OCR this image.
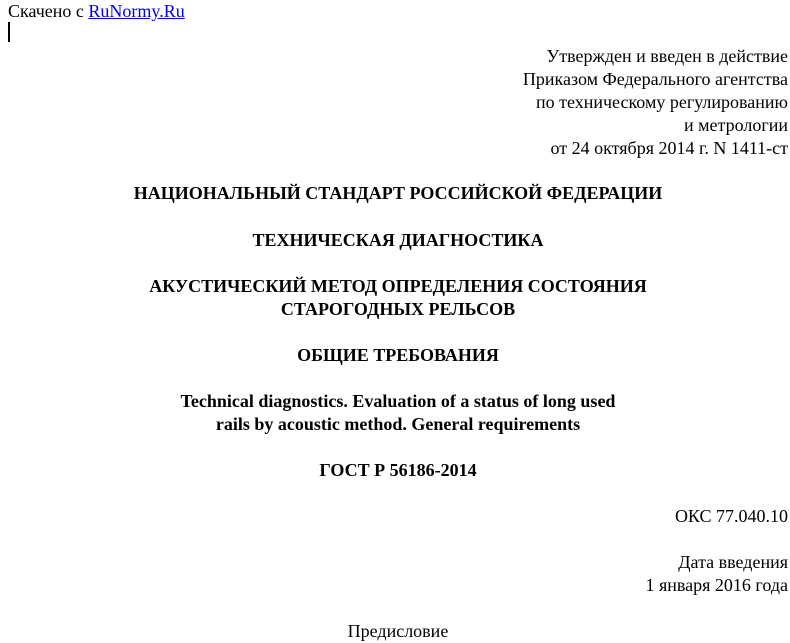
Скачено с RuNormy.Ru
Утвержден и введен в действие
Приказом Федерального агентства
по техническому регулированию
и метрологии
от 24 октября 2014 г. N 1411-ст
НАЦИОНАЛЬНЫЙ СТАНДАРТ РОССИЙСКОЙ ФЕДЕРАЦИИ
ТЕХНИЧЕСКАЯ ДИАГНОСТИКА
АКУСТИЧЕСКИЙ МЕТОД ОПРЕДЕЛЕНИЯ СОСТОЯНИЯ
СТАРОГОДНЫХ РЕЛЬСОВ
ОБЩИЕ ТРЕБОВАНИЯ
Technical diagnostics. Evaluation of a status of long used
rails by acoustic method. General requirements
ГОСТ Р 56186-2014
ОКС 77.040.10
Дата введения
1 января 2016 года
Предисловие
